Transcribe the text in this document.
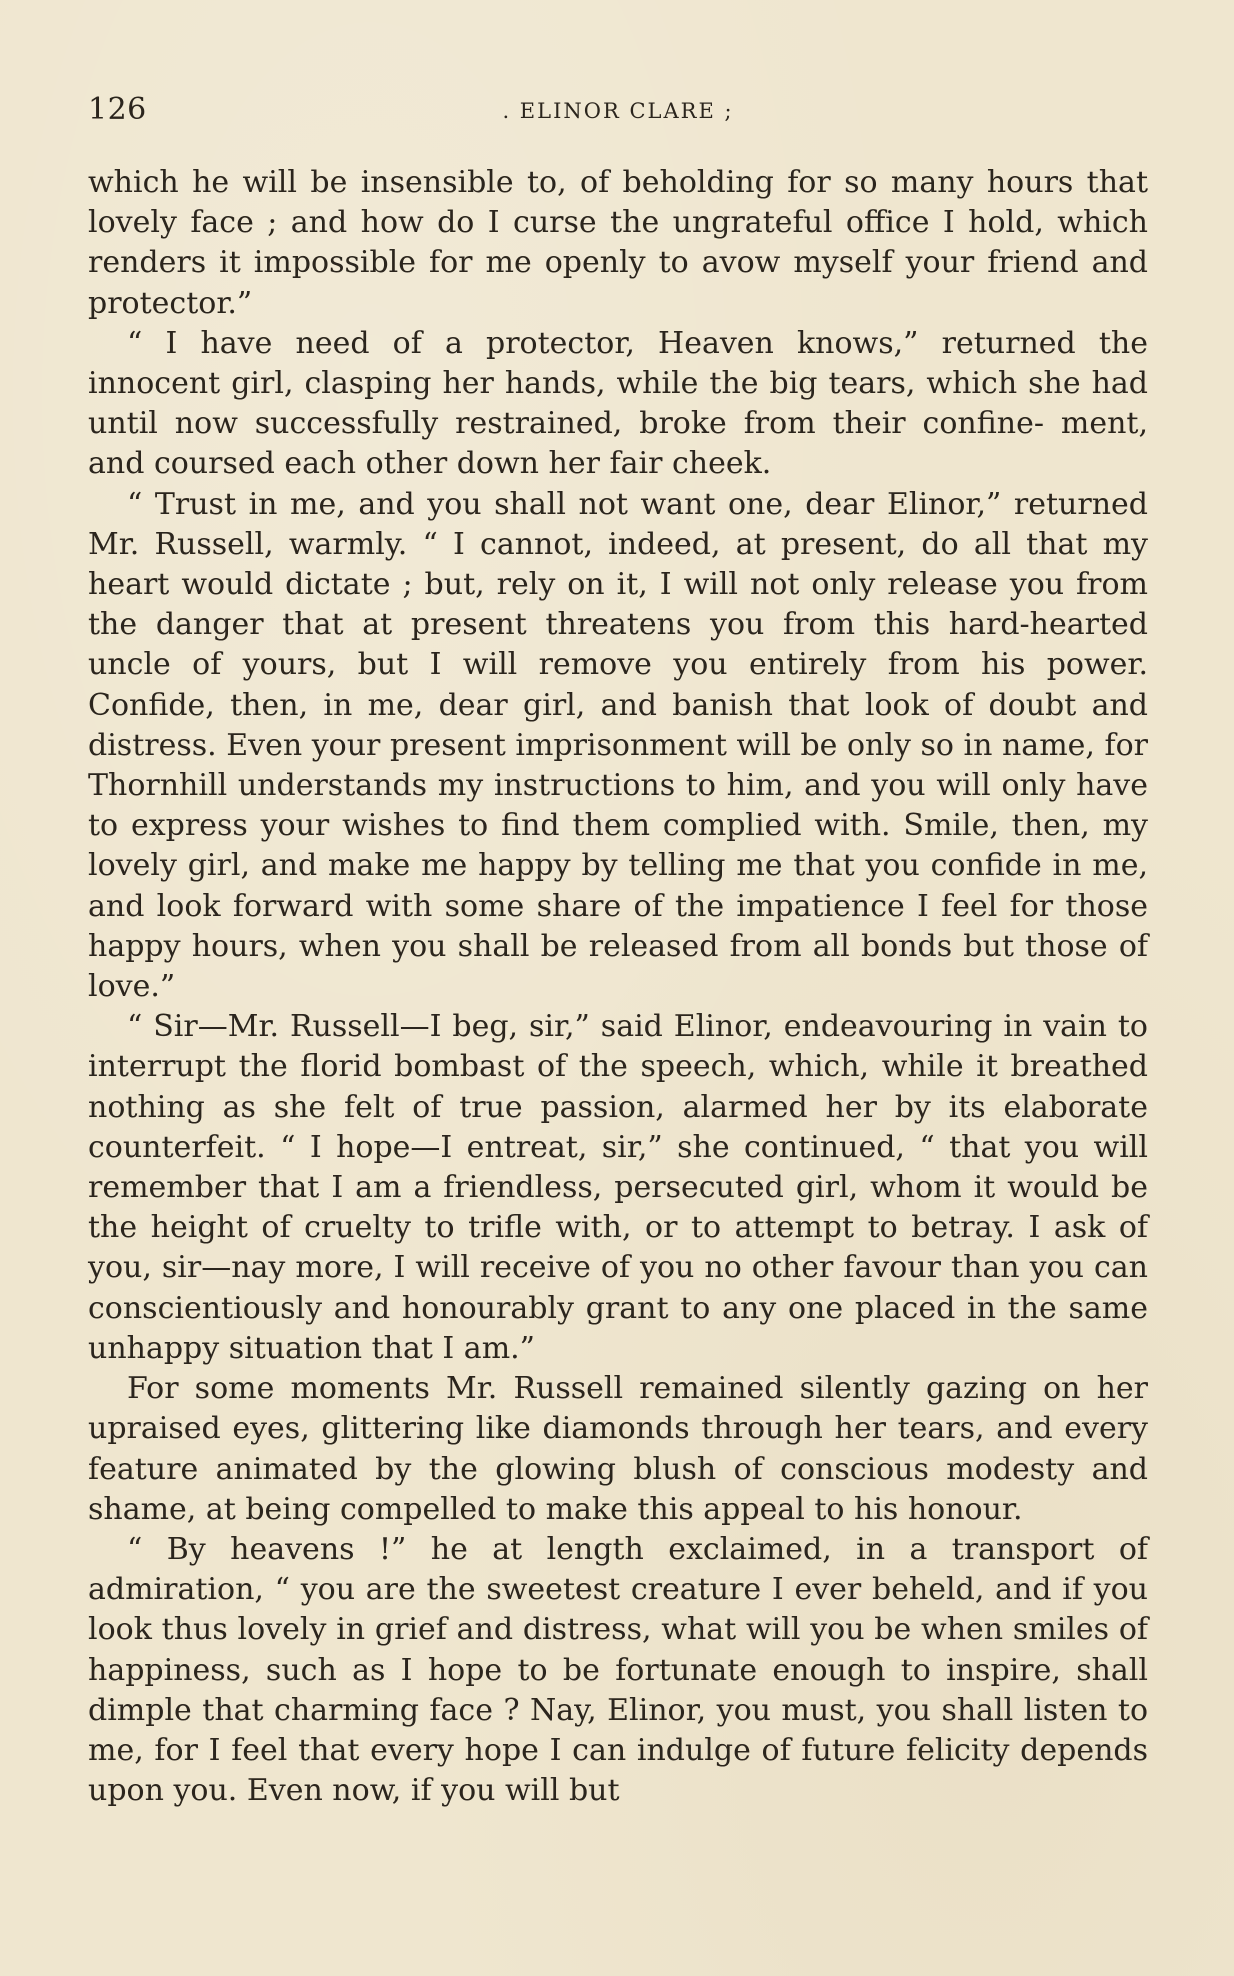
126	. ELINOR CLARE ;

which he will be insensible to, of beholding for so many hours that lovely face ; and how do I curse the ungrateful office I hold, which renders it impossible for me openly to avow myself your friend and protector.”

“ I have need of a protector, Heaven knows,” returned the innocent girl, clasping her hands, while the big tears, which she had until now successfully restrained, broke from their confine- ment, and coursed each other down her fair cheek.

“ Trust in me, and you shall not want one, dear Elinor,” returned Mr. Russell, warmly. “ I cannot, indeed, at present, do all that my heart would dictate ; but, rely on it, I will not only release you from the danger that at present threatens you from this hard-hearted uncle of yours, but I will remove you entirely from his power. Confide, then, in me, dear girl, and banish that look of doubt and distress. Even your present imprisonment will be only so in name, for Thornhill understands my instructions to him, and you will only have to express your wishes to find them complied with. Smile, then, my lovely girl, and make me happy by telling me that you confide in me, and look forward with some share of the impatience I feel for those happy hours, when you shall be released from all bonds but those of love.”

“ Sir—Mr. Russell—I beg, sir,” said Elinor, endeavouring in vain to interrupt the florid bombast of the speech, which, while it breathed nothing as she felt of true passion, alarmed her by its elaborate counterfeit. “ I hope—I entreat, sir,” she continued, “ that you will remember that I am a friendless, persecuted girl, whom it would be the height of cruelty to trifle with, or to attempt to betray. I ask of you, sir—nay more, I will receive of you no other favour than you can conscientiously and honourably grant to any one placed in the same unhappy situation that I am.”

For some moments Mr. Russell remained silently gazing on her upraised eyes, glittering like diamonds through her tears, and every feature animated by the glowing blush of conscious modesty and shame, at being compelled to make this appeal to his honour.

“ By heavens !” he at length exclaimed, in a transport of admiration, “ you are the sweetest creature I ever beheld, and if you look thus lovely in grief and distress, what will you be when smiles of happiness, such as I hope to be fortunate enough to inspire, shall dimple that charming face ? Nay, Elinor, you must, you shall listen to me, for I feel that every hope I can indulge of future felicity depends upon you. Even now, if you will but
